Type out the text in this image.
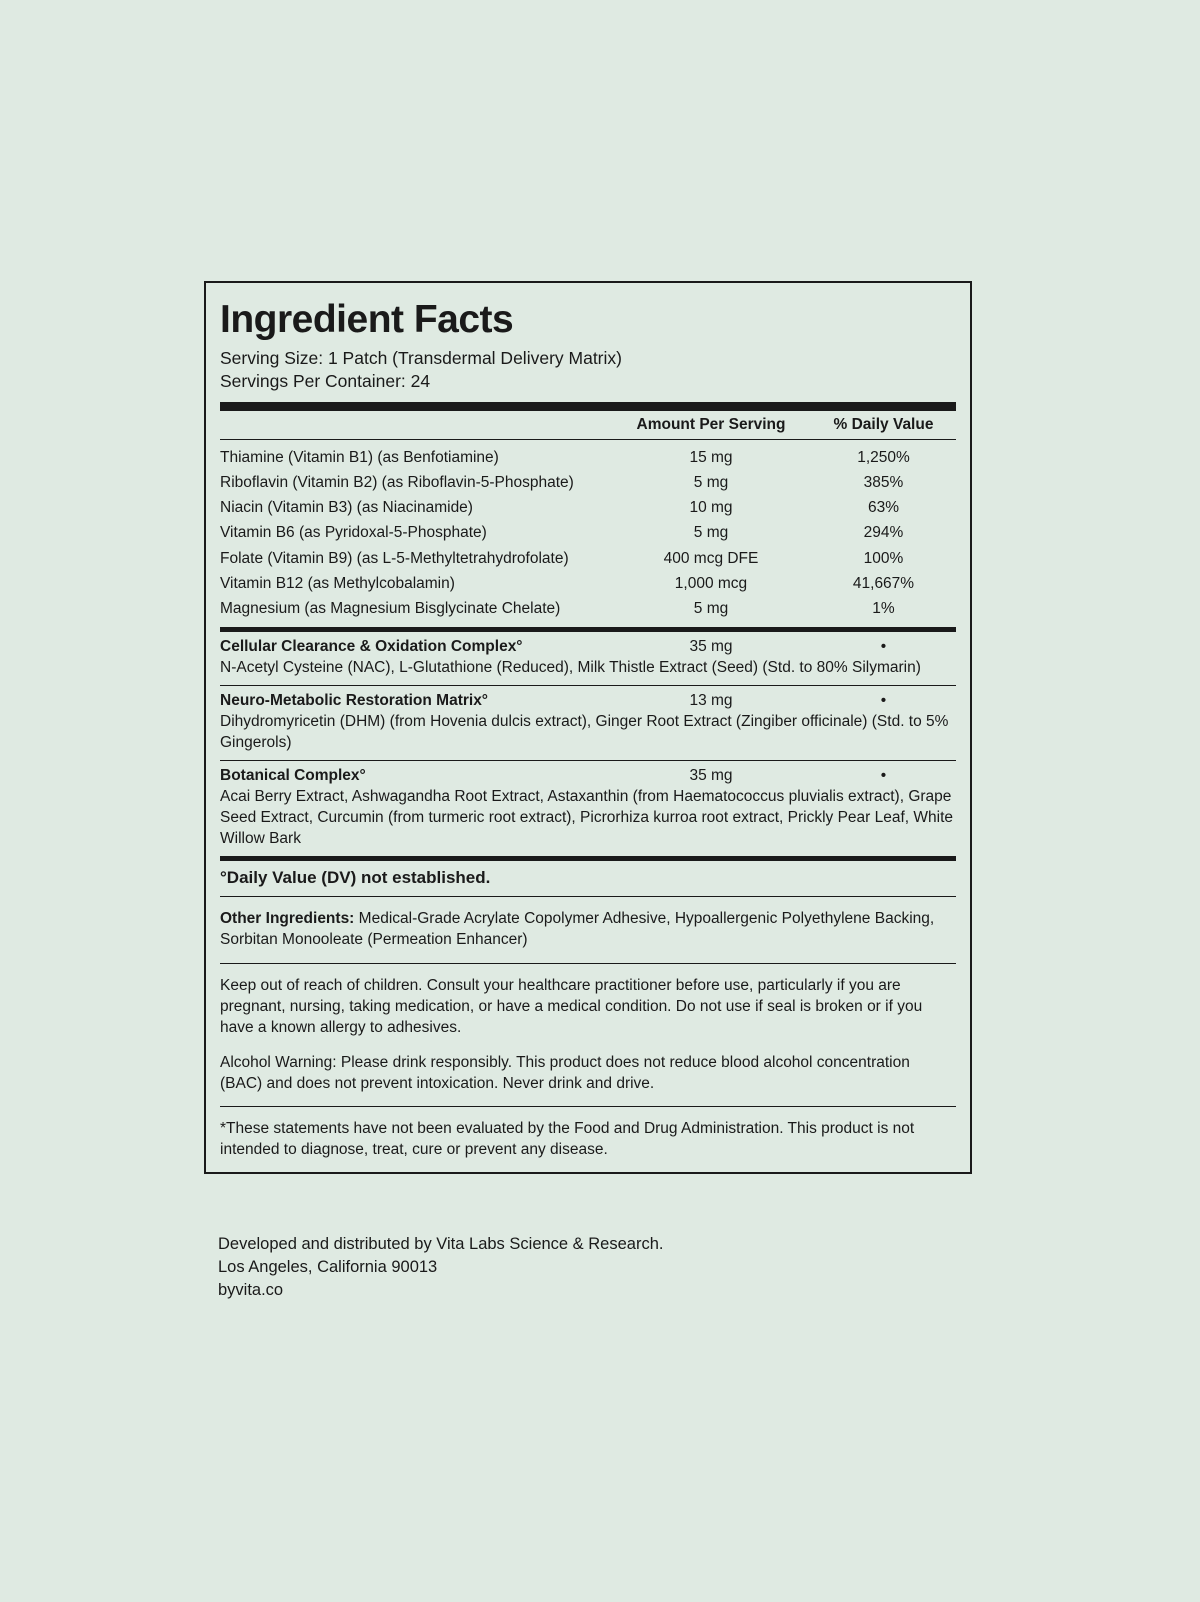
Ingredient Facts
Serving Size: 1 Patch (Transdermal Delivery Matrix)
Servings Per Container: 24
Amount Per Serving	% Daily Value
Thiamine (Vitamin B1) (as Benfotiamine)	15 mg	1,250%
Riboflavin (Vitamin B2) (as Riboflavin-5-Phosphate)	5 mg	385%
Niacin (Vitamin B3) (as Niacinamide)	10 mg	63%
Vitamin B6 (as Pyridoxal-5-Phosphate)	5 mg	294%
Folate (Vitamin B9) (as L-5-Methyltetrahydrofolate)	400 mcg DFE	100%
Vitamin B12 (as Methylcobalamin)	1,000 mcg	41,667%
Magnesium (as Magnesium Bisglycinate Chelate)	5 mg	1%
Cellular Clearance & Oxidation Complex°	35 mg	•
N-Acetyl Cysteine (NAC), L-Glutathione (Reduced), Milk Thistle Extract (Seed) (Std. to 80% Silymarin)
Neuro-Metabolic Restoration Matrix°	13 mg	•
Dihydromyricetin (DHM) (from Hovenia dulcis extract), Ginger Root Extract (Zingiber officinale) (Std. to 5% Gingerols)
Botanical Complex°	35 mg	•
Acai Berry Extract, Ashwagandha Root Extract, Astaxanthin (from Haematococcus pluvialis extract), Grape Seed Extract, Curcumin (from turmeric root extract), Picrorhiza kurroa root extract, Prickly Pear Leaf, White Willow Bark
°Daily Value (DV) not established.

Other Ingredients: Medical-Grade Acrylate Copolymer Adhesive, Hypoallergenic Polyethylene Backing, Sorbitan Monooleate (Permeation Enhancer)

Keep out of reach of children. Consult your healthcare practitioner before use, particularly if you are pregnant, nursing, taking medication, or have a medical condition. Do not use if seal is broken or if you have a known allergy to adhesives.

Alcohol Warning: Please drink responsibly. This product does not reduce blood alcohol concentration (BAC) and does not prevent intoxication. Never drink and drive.

*These statements have not been evaluated by the Food and Drug Administration. This product is not intended to diagnose, treat, cure or prevent any disease.

Developed and distributed by Vita Labs Science & Research.
Los Angeles, California 90013
byvita.co
